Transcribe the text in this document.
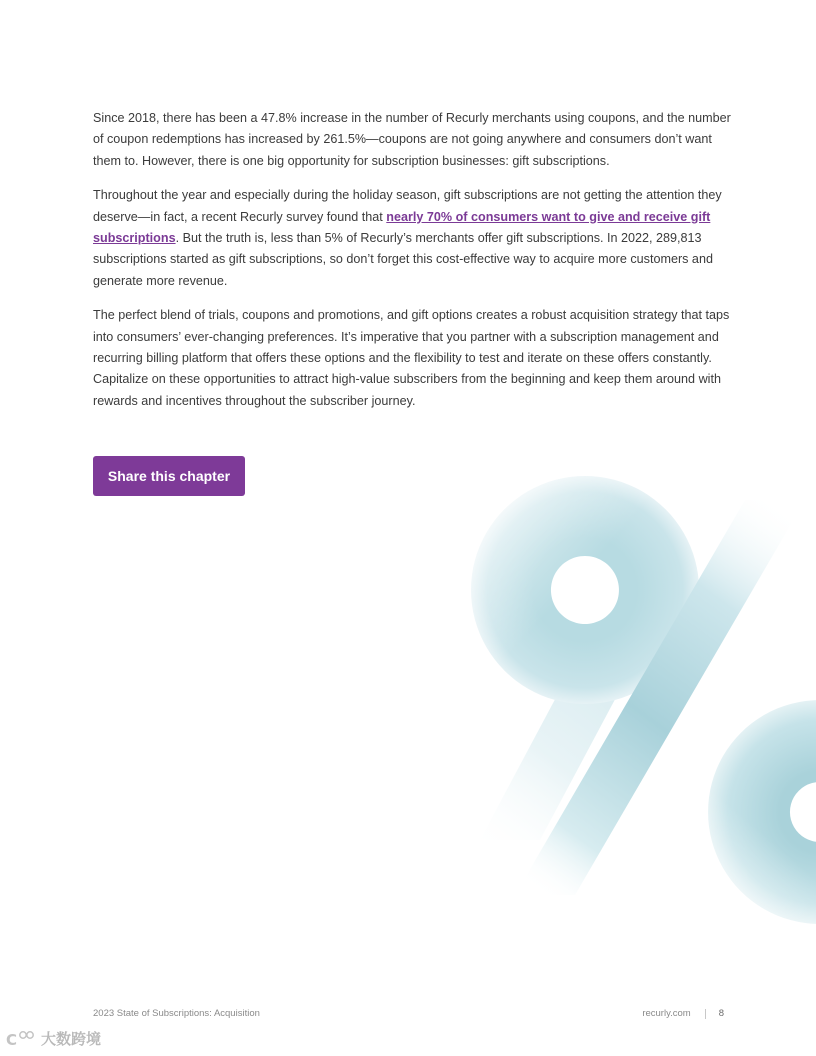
Since 2018, there has been a 47.8% increase in the number of Recurly merchants using coupons, and the number of coupon redemptions has increased by 261.5%—coupons are not going anywhere and consumers don’t want them to. However, there is one big opportunity for subscription businesses: gift subscriptions.

Throughout the year and especially during the holiday season, gift subscriptions are not getting the attention they deserve—in fact, a recent Recurly survey found that nearly 70% of consumers want to give and receive gift subscriptions. But the truth is, less than 5% of Recurly’s merchants offer gift subscriptions. In 2022, 289,813 subscriptions started as gift subscriptions, so don’t forget this cost-effective way to acquire more customers and generate more revenue.

The perfect blend of trials, coupons and promotions, and gift options creates a robust acquisition strategy that taps into consumers’ ever-changing preferences. It’s imperative that you partner with a subscription management and recurring billing platform that offers these options and the flexibility to test and iterate on these offers constantly. Capitalize on these opportunities to attract high-value subscribers from the beginning and keep them around with rewards and incentives throughout the subscriber journey.

Share this chapter
2023 State of Subscriptions: Acquisition	recurly.com	8
C 大数跨境
